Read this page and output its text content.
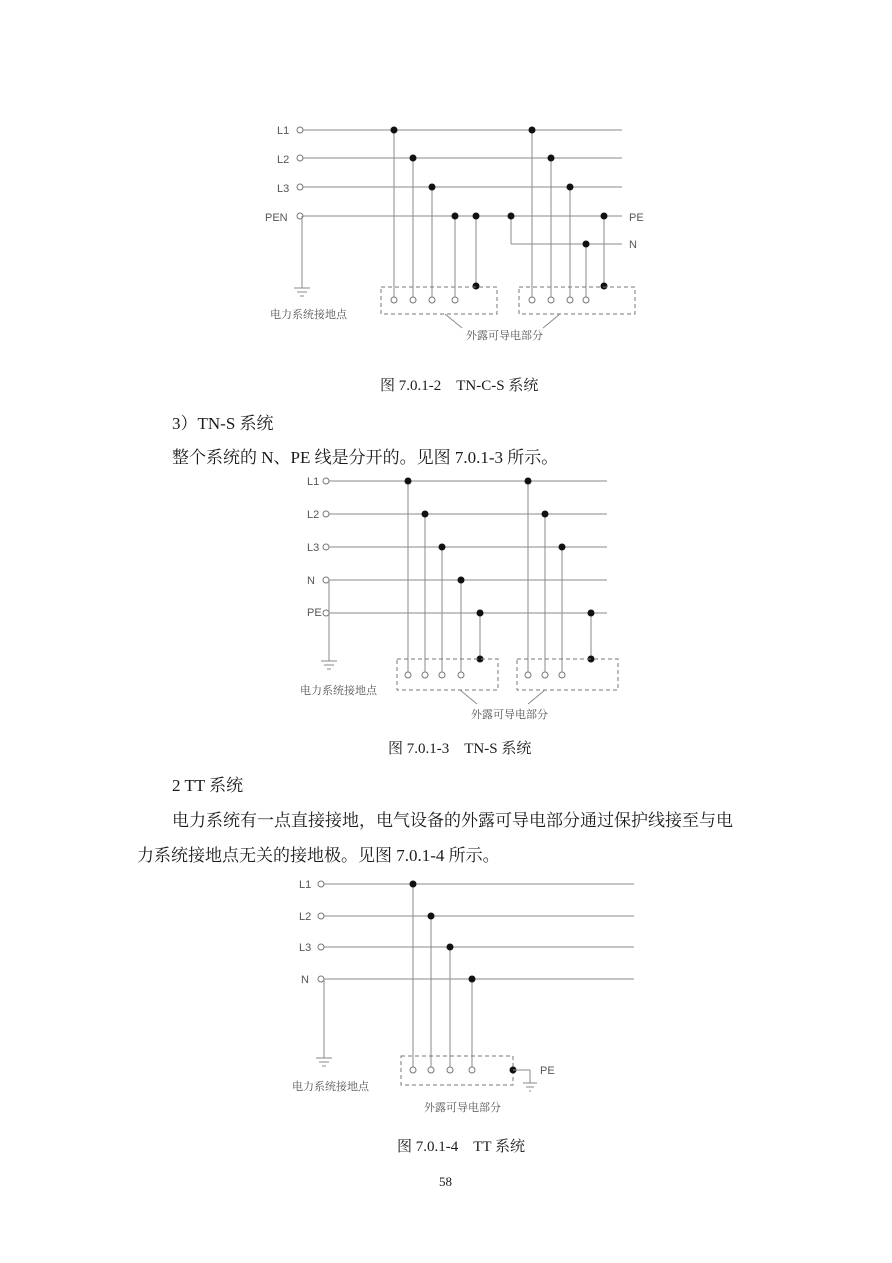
L1
L2
L3
PEN	PE
N
电力系统接地点
外露可导电部分
图 7.0.1-2    TN-C-S 系统
3）TN-S 系统
整个系统的 N、PE 线是分开的。见图 7.0.1-3 所示。
L1
L2
L3
N
PE
电力系统接地点
外露可导电部分
图 7.0.1-3    TN-S 系统
2 TT 系统
电力系统有一点直接接地，电气设备的外露可导电部分通过保护线接至与电
力系统接地点无关的接地极。见图 7.0.1-4 所示。
L1
L2
L3
N
PE
电力系统接地点
外露可导电部分
图 7.0.1-4    TT 系统
58
